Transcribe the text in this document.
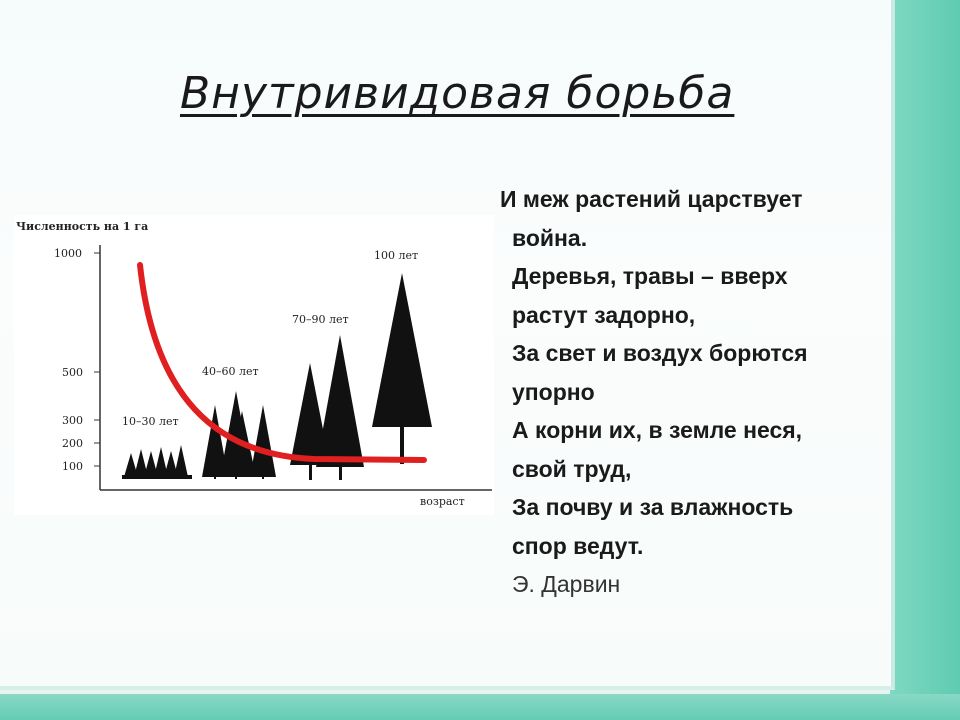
Внутривидовая борьба
Численность на 1 га
1000
500
300
200
100
возраст
10–30 лет
40–60 лет
70–90 лет
100 лет
И меж растений царствует
война.
Деревья, травы – вверх
растут задорно,
За свет и воздух борются
упорно
А корни их, в земле неся,
свой труд,
За почву и за влажность
спор ведут.
Э. Дарвин
